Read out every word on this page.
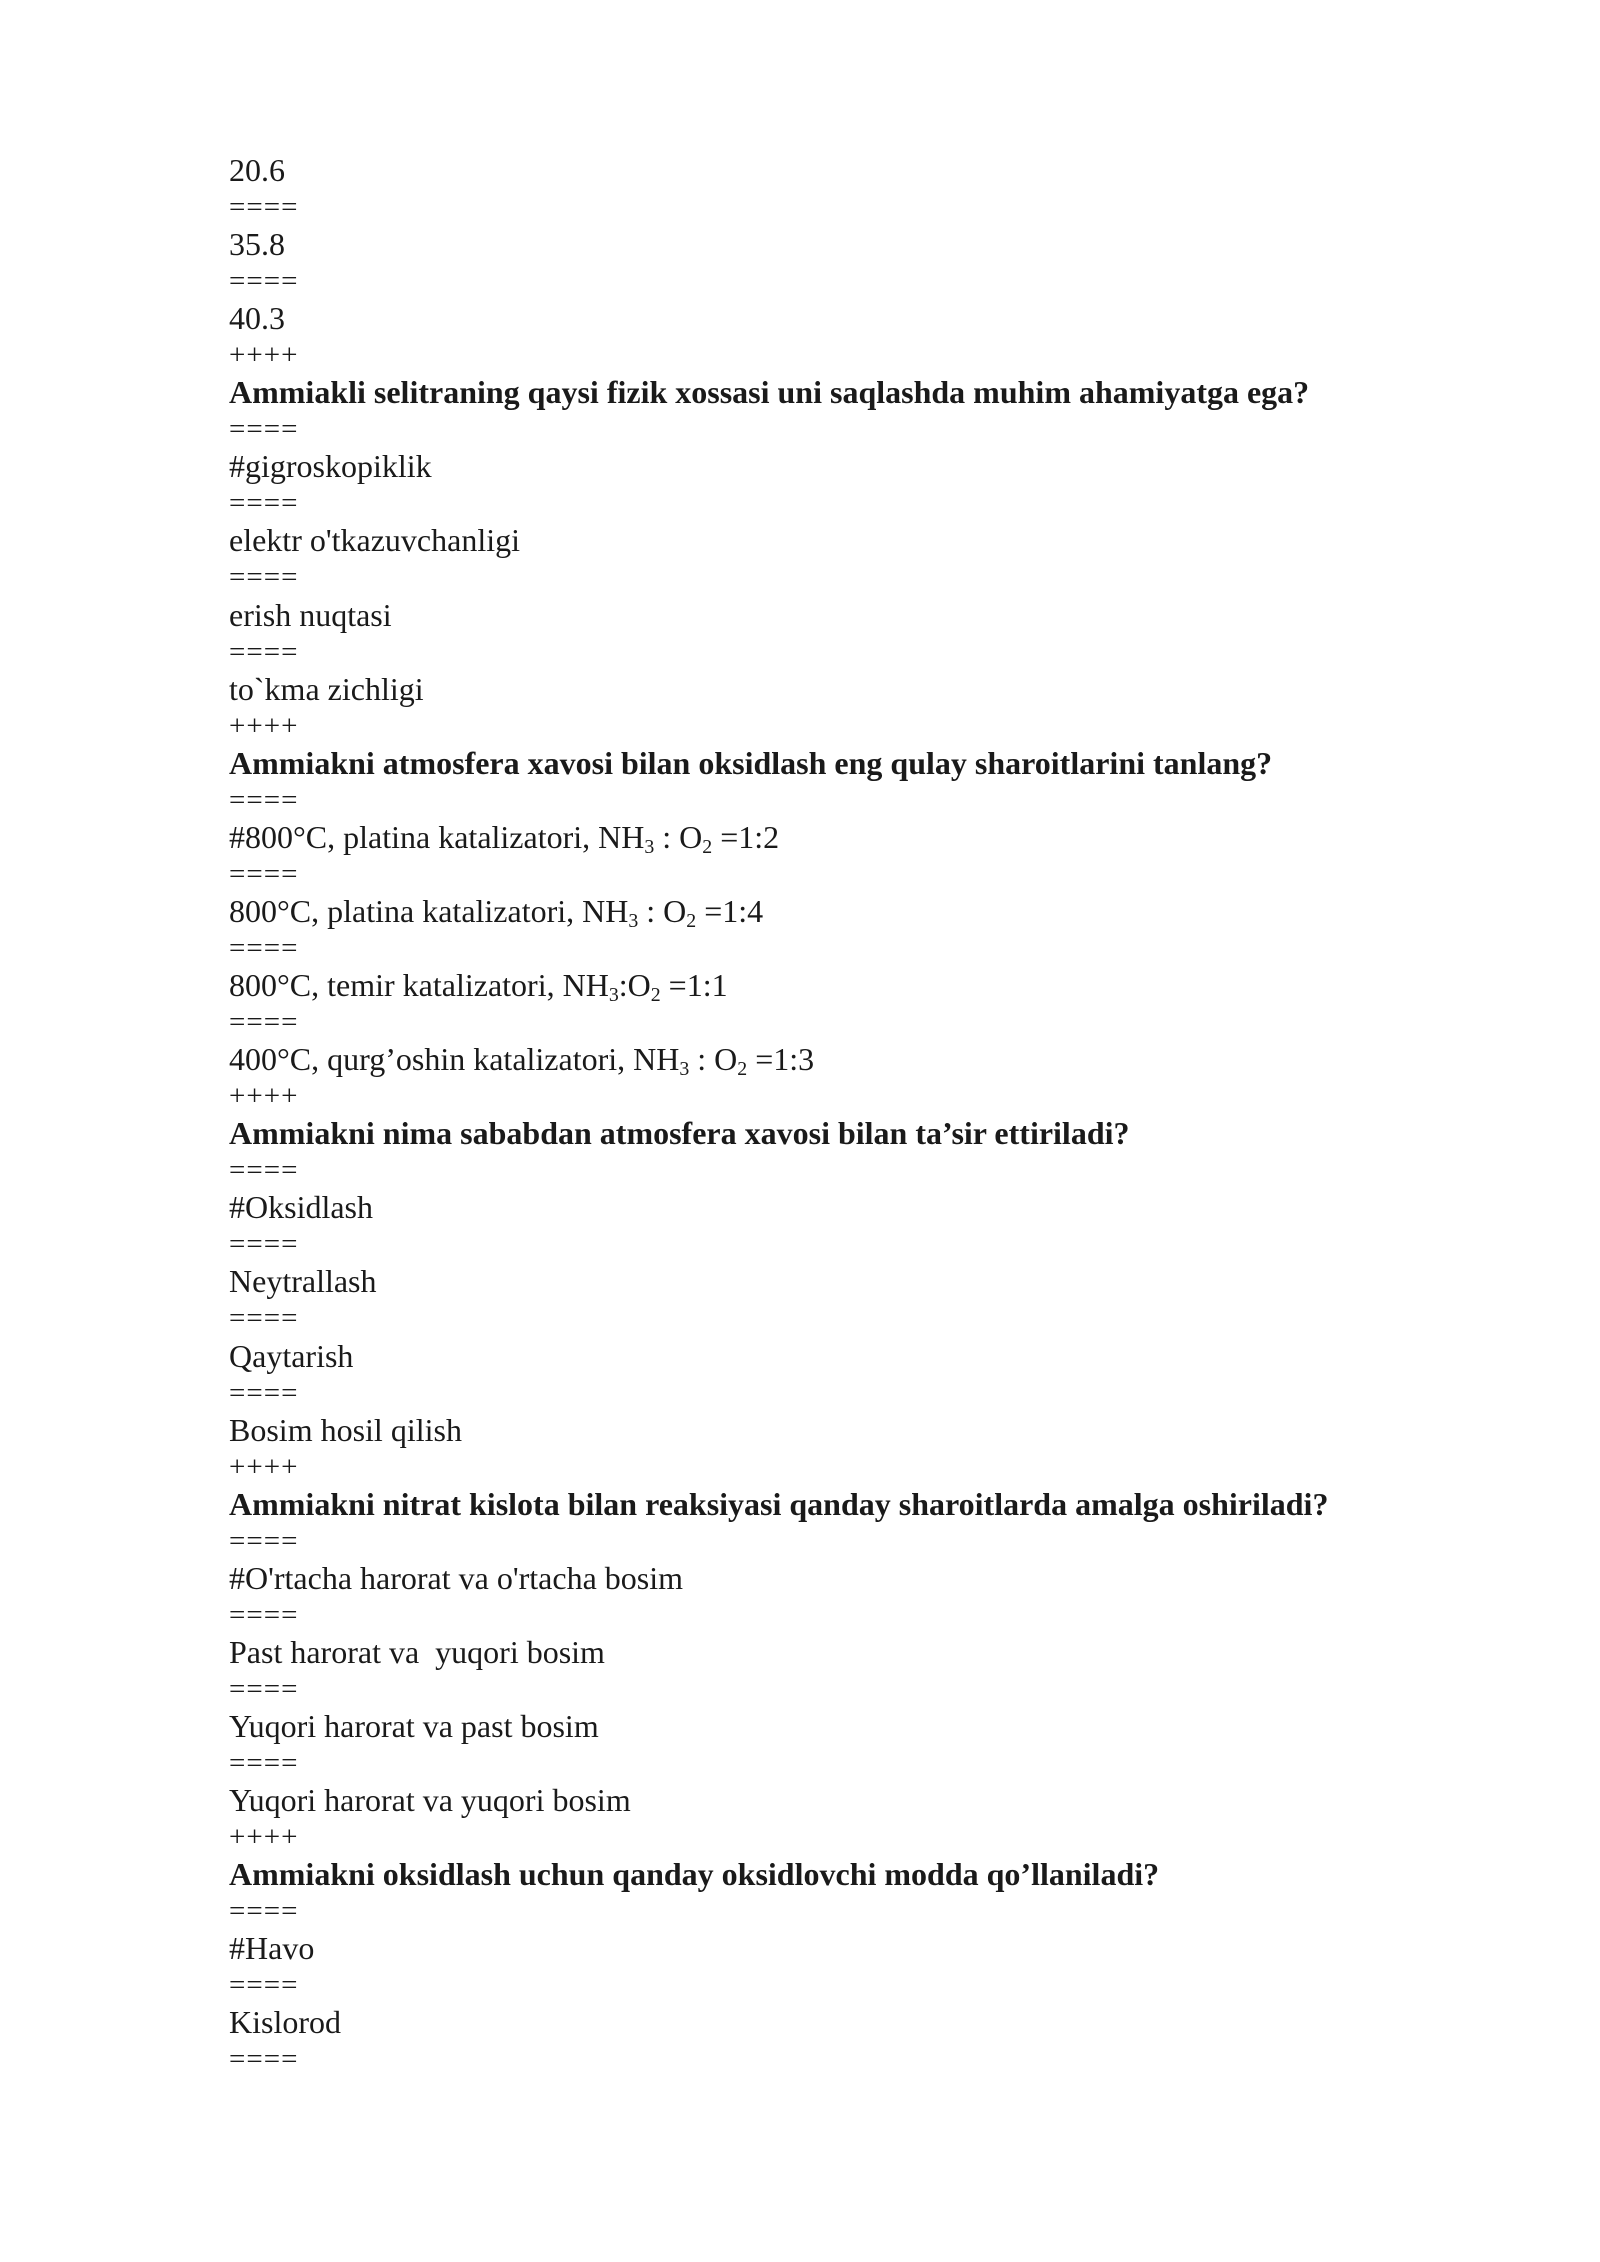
20.6
====
35.8
====
40.3
++++
Ammiakli selitraning qaysi fizik xossasi uni saqlashda muhim ahamiyatga ega?
====
#gigroskopiklik
====
elektr o'tkazuvchanligi
====
erish nuqtasi
====
to`kma zichligi
++++
Ammiakni atmosfera xavosi bilan oksidlash eng qulay sharoitlarini tanlang?
====
#800°C, platina katalizatori, $NH_3$ : $O_2$ =1:2
====
800°C, platina katalizatori, $NH_3$ : $O_2$ =1:4
====
800°C, temir katalizatori, $NH_3:O_2$ =1:1
====
400°C, qurg’oshin katalizatori, $NH_3$ : $O_2$ =1:3
++++
Ammiakni nima sababdan atmosfera xavosi bilan ta’sir ettiriladi?
====
#Oksidlash
====
Neytrallash
====
Qaytarish
====
Bosim hosil qilish
++++
Ammiakni nitrat kislota bilan reaksiyasi qanday sharoitlarda amalga oshiriladi?
====
#O'rtacha harorat va o'rtacha bosim
====
Past harorat va  yuqori bosim
====
Yuqori harorat va past bosim
====
Yuqori harorat va yuqori bosim
++++
Ammiakni oksidlash uchun qanday oksidlovchi modda qo’llaniladi?
====
#Havo
====
Kislorod
====
